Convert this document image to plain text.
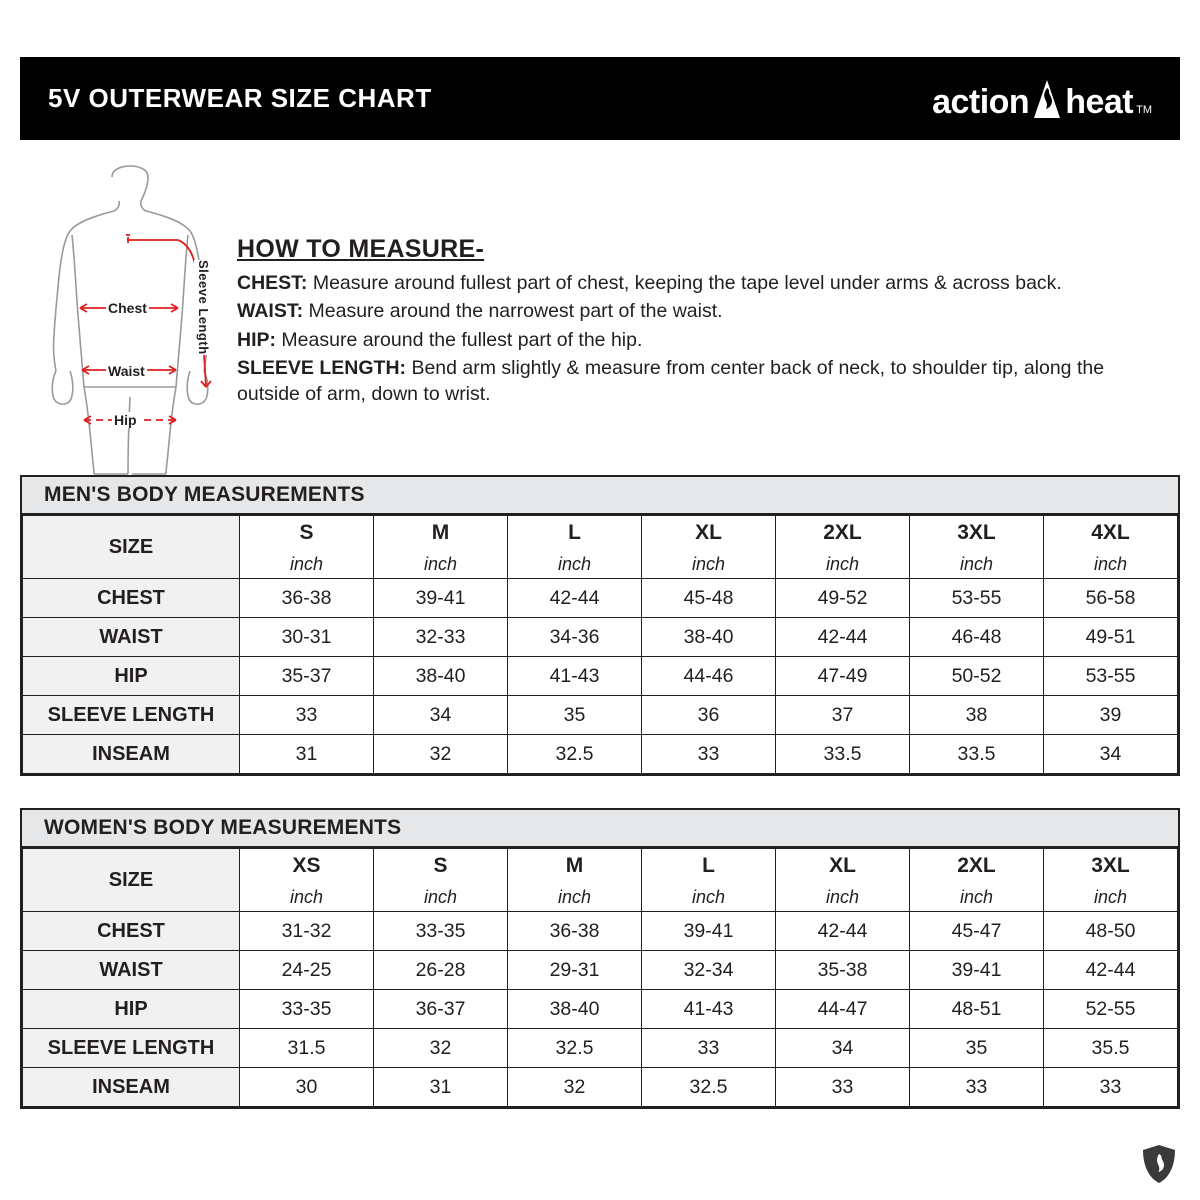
5V OUTERWEAR SIZE CHART	action heat TM
Chest
Waist
Hip
Sleeve Length
HOW TO MEASURE-

CHEST: Measure around fullest part of chest, keeping the tape level under arms & across back.

WAIST: Measure around the narrowest part of the waist.

HIP: Measure around the fullest part of the hip.

SLEEVE LENGTH: Bend arm slightly & measure from center back of neck, to shoulder tip, along the outside of arm, down to wrist.

MEN'S BODY MEASUREMENTS
SIZE	S	M	L	XL	2XL	3XL	4XL
	inch	inch	inch	inch	inch	inch	inch
CHEST	36-38	39-41	42-44	45-48	49-52	53-55	56-58
WAIST	30-31	32-33	34-36	38-40	42-44	46-48	49-51
HIP	35-37	38-40	41-43	44-46	47-49	50-52	53-55
SLEEVE LENGTH	33	34	35	36	37	38	39
INSEAM	31	32	32.5	33	33.5	33.5	34
WOMEN'S BODY MEASUREMENTS
SIZE	XS	S	M	L	XL	2XL	3XL
	inch	inch	inch	inch	inch	inch	inch
CHEST	31-32	33-35	36-38	39-41	42-44	45-47	48-50
WAIST	24-25	26-28	29-31	32-34	35-38	39-41	42-44
HIP	33-35	36-37	38-40	41-43	44-47	48-51	52-55
SLEEVE LENGTH	31.5	32	32.5	33	34	35	35.5
INSEAM	30	31	32	32.5	33	33	33
